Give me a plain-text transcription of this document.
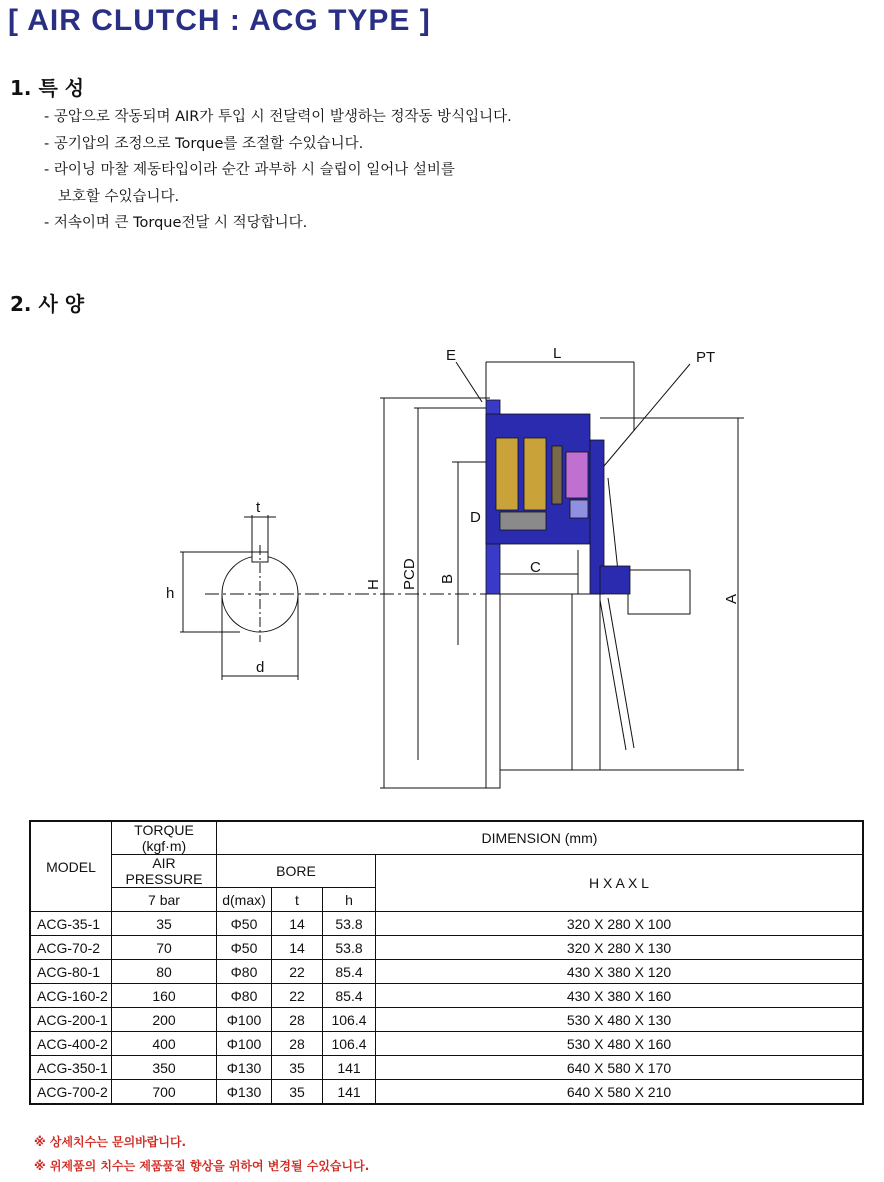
[ AIR CLUTCH : ACG TYPE ]
1. 특 성
- 공압으로 작동되며 AIR가 투입 시 전달력이 발생하는 정작동 방식입니다.
- 공기압의 조정으로 Torque를 조절할 수있습니다.
- 라이닝 마찰 제동타입이라 순간 과부하 시 슬립이 일어나 설비를
보호할 수있습니다.
- 저속이며 큰 Torque전달 시 적당합니다.
2. 사 양
E	L	PT
t
h
d
H PCD B
D
C
A
MODEL	TORQUE (kgf·m)	DIMENSION (mm)			
	AIR PRESSURE	BORE			H X A X L
	7 bar	d(max)	t	h	
ACG-35-1	35	Φ50	14	53.8	320 X 280 X 100
ACG-70-2	70	Φ50	14	53.8	320 X 280 X 130
ACG-80-1	80	Φ80	22	85.4	430 X 380 X 120
ACG-160-2	160	Φ80	22	85.4	430 X 380 X 160
ACG-200-1	200	Φ100	28	106.4	530 X 480 X 130
ACG-400-2	400	Φ100	28	106.4	530 X 480 X 160
ACG-350-1	350	Φ130	35	141	640 X 580 X 170
ACG-700-2	700	Φ130	35	141	640 X 580 X 210
※ 상세치수는 문의바랍니다.
※ 위제품의 치수는 제품품질 향상을 위하여 변경될 수있습니다.
